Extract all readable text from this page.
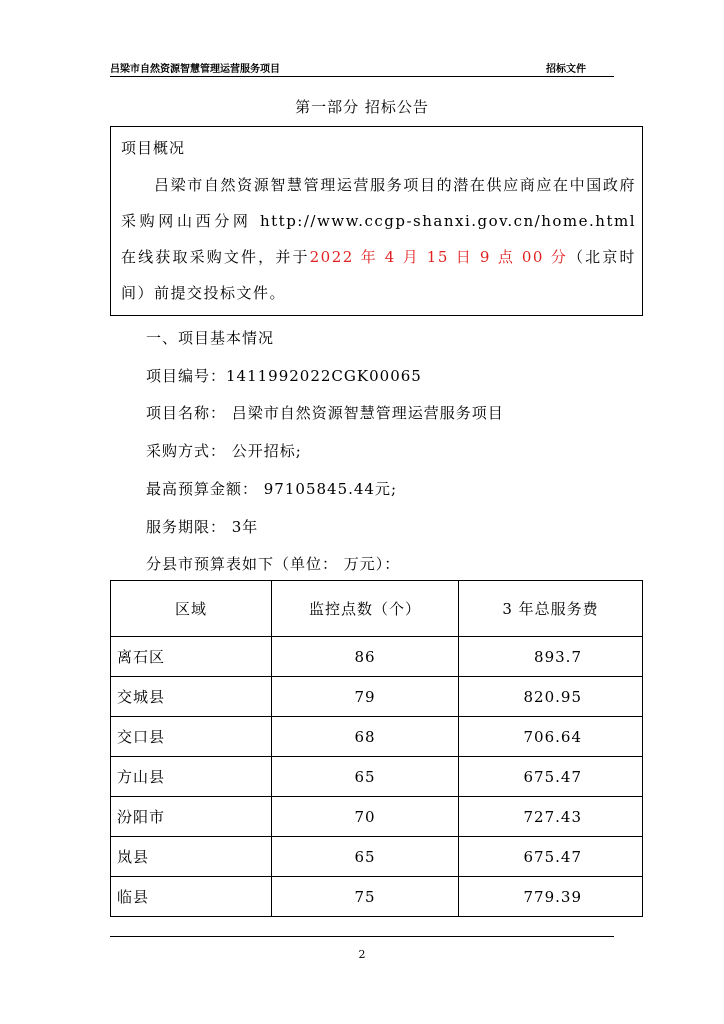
吕梁市自然资源智慧管理运营服务项目	招标文件
第一部分 招标公告
项目概况
吕梁市自然资源智慧管理运营服务项目的潜在供应商应在中国政府采购网山西分网 http://www.ccgp-shanxi.gov.cn/home.html 在线获取采购文件，并于2022 年 4 月 15 日 9 点 00 分（北京时间）前提交投标文件。
一、项目基本情况
项目编号：1411992022CGK00065
项目名称： 吕梁市自然资源智慧管理运营服务项目
采购方式： 公开招标;
最高预算金额： 97105845.44元;
服务期限： 3年
分县市预算表如下（单位： 万元）：
区域	监控点数（个）	3 年总服务费
离石区	86	893.7
交城县	79	820.95
交口县	68	706.64
方山县	65	675.47
汾阳市	70	727.43
岚县	65	675.47
临县	75	779.39
2
